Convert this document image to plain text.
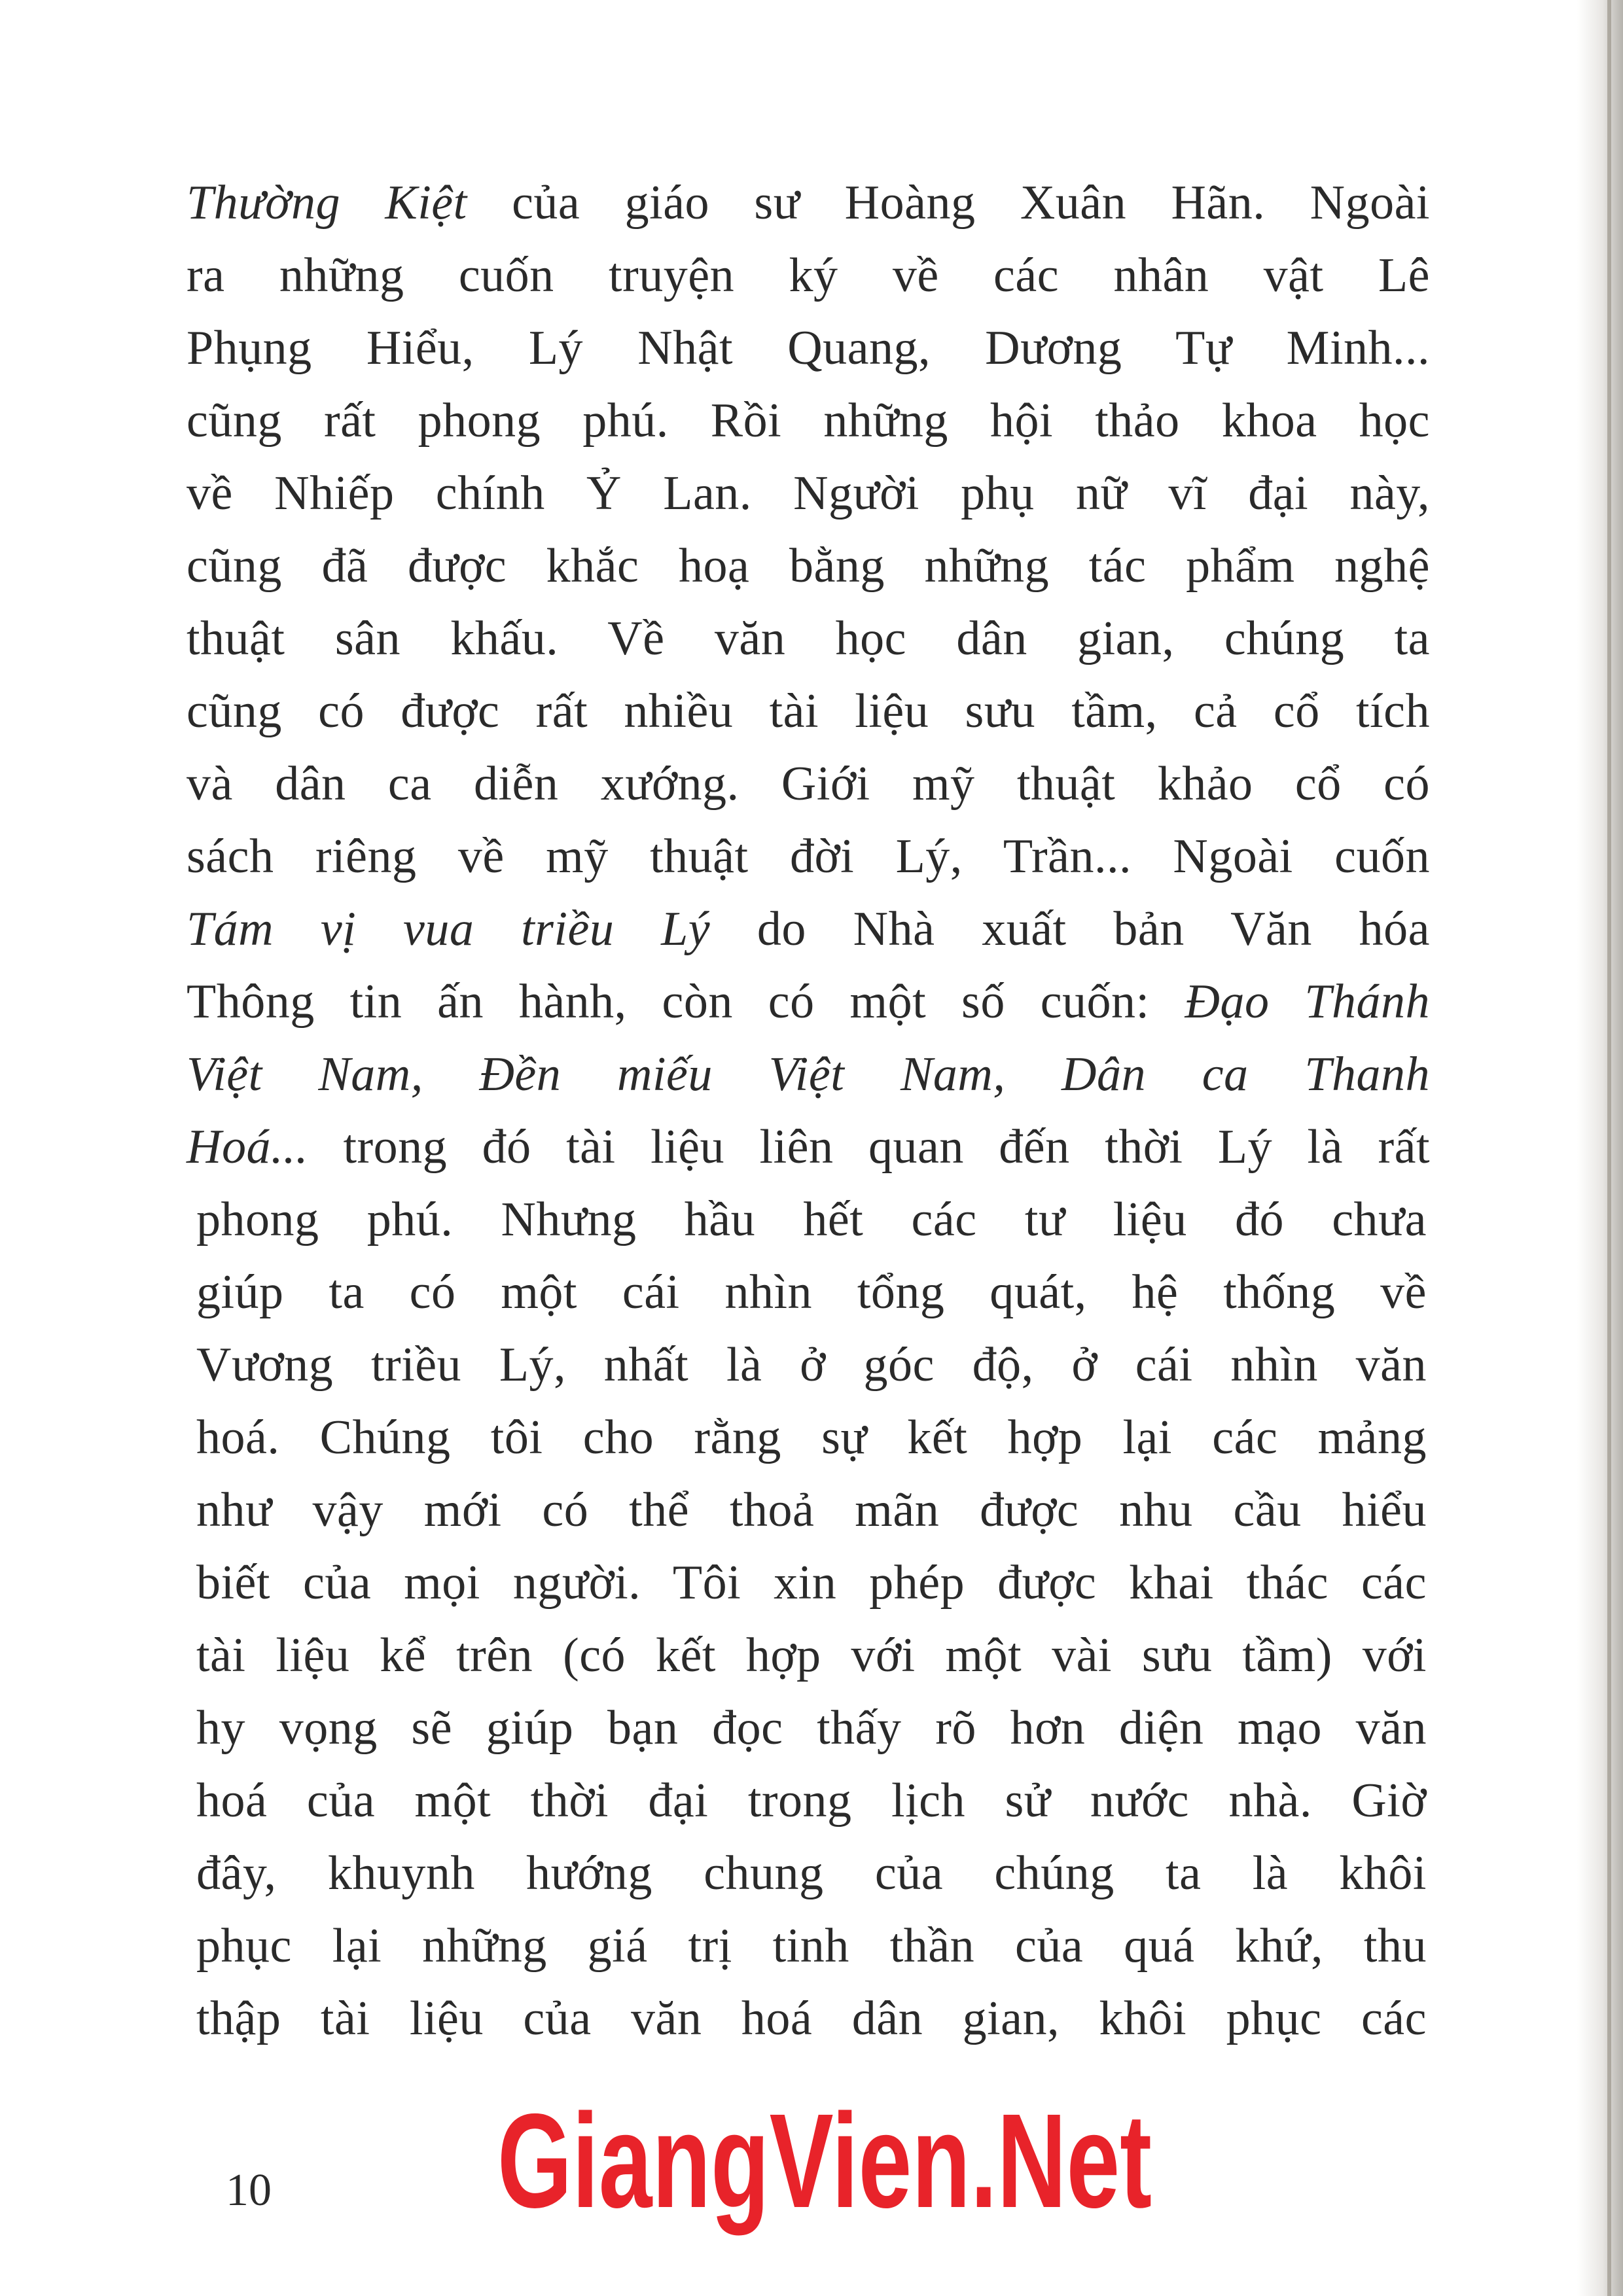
Thường Kiệt của giáo sư Hoàng Xuân Hãn. Ngoài
ra những cuốn truyện ký về các nhân vật Lê
Phụng Hiểu, Lý Nhật Quang, Dương Tự Minh...
cũng rất phong phú. Rồi những hội thảo khoa học
về Nhiếp chính Ỷ Lan. Người phụ nữ vĩ đại này,
cũng đã được khắc hoạ bằng những tác phẩm nghệ
thuật sân khấu. Về văn học dân gian, chúng ta
cũng có được rất nhiều tài liệu sưu tầm, cả cổ tích
và dân ca diễn xướng. Giới mỹ thuật khảo cổ có
sách riêng về mỹ thuật đời Lý, Trần... Ngoài cuốn
Tám vị vua triều Lý do Nhà xuất bản Văn hóa
Thông tin ấn hành, còn có một số cuốn: Đạo Thánh
Việt Nam, Đền miếu Việt Nam, Dân ca Thanh
Hoá... trong đó tài liệu liên quan đến thời Lý là rất
phong phú. Nhưng hầu hết các tư liệu đó chưa
giúp ta có một cái nhìn tổng quát, hệ thống về
Vương triều Lý, nhất là ở góc độ, ở cái nhìn văn
hoá. Chúng tôi cho rằng sự kết hợp lại các mảng
như vậy mới có thể thoả mãn được nhu cầu hiểu
biết của mọi người. Tôi xin phép được khai thác các
tài liệu kể trên (có kết hợp với một vài sưu tầm) với
hy vọng sẽ giúp bạn đọc thấy rõ hơn diện mạo văn
hoá của một thời đại trong lịch sử nước nhà. Giờ
đây, khuynh hướng chung của chúng ta là khôi
phục lại những giá trị tinh thần của quá khứ, thu
thập tài liệu của văn hoá dân gian, khôi phục các
10 GiangVien.Net
